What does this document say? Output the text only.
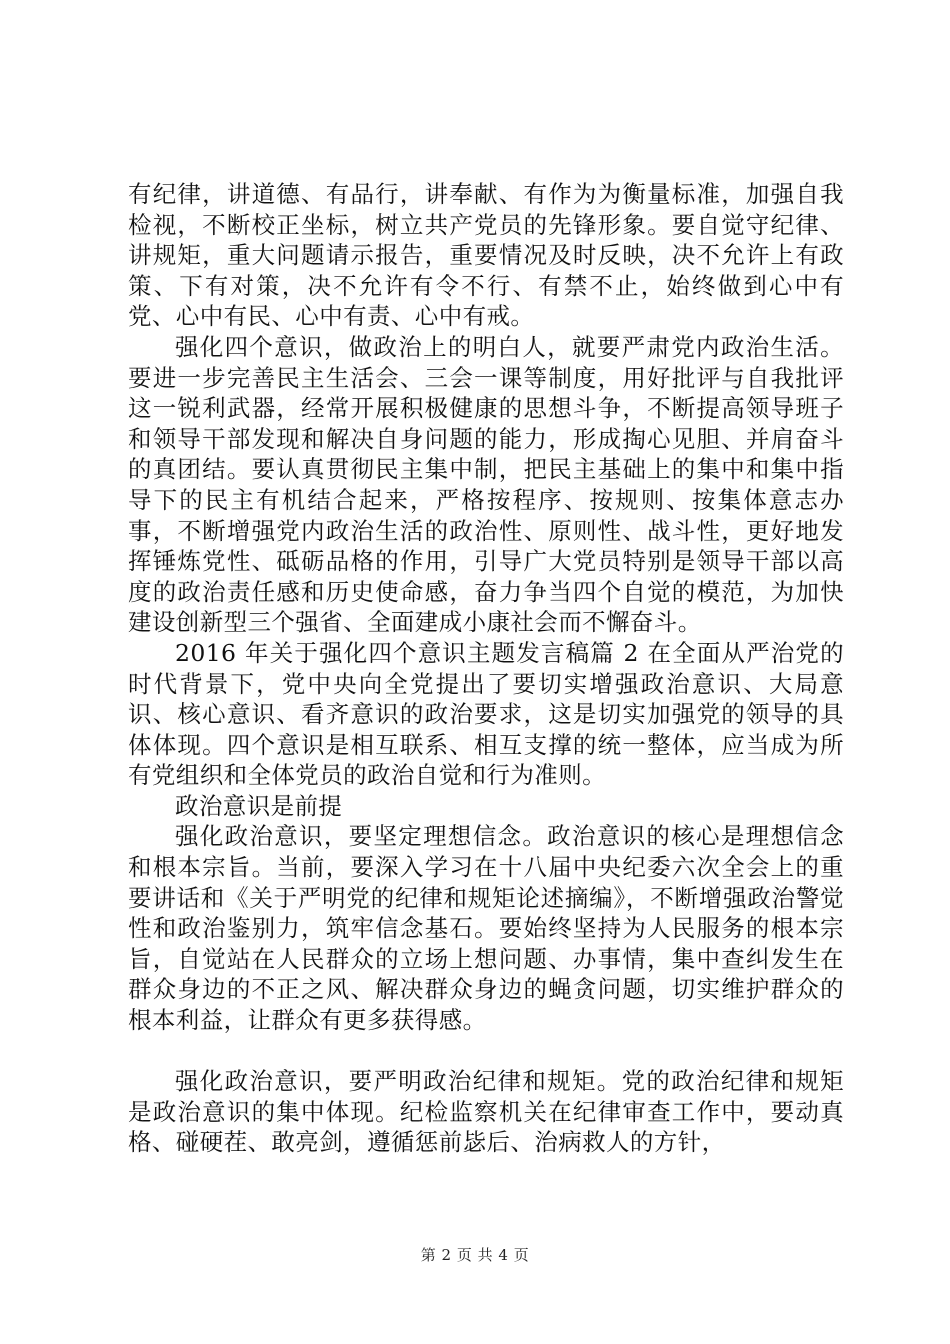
有纪律，讲道德、有品行，讲奉献、有作为为衡量标准，加强自我检视，不断校正坐标，树立共产党员的先锋形象。要自觉守纪律、讲规矩，重大问题请示报告，重要情况及时反映，决不允许上有政策、下有对策，决不允许有令不行、有禁不止，始终做到心中有党、心中有民、心中有责、心中有戒。

强化四个意识，做政治上的明白人，就要严肃党内政治生活。要进一步完善民主生活会、三会一课等制度，用好批评与自我批评这一锐利武器，经常开展积极健康的思想斗争，不断提高领导班子和领导干部发现和解决自身问题的能力，形成掏心见胆、并肩奋斗的真团结。要认真贯彻民主集中制，把民主基础上的集中和集中指导下的民主有机结合起来，严格按程序、按规则、按集体意志办事，不断增强党内政治生活的政治性、原则性、战斗性，更好地发挥锤炼党性、砥砺品格的作用，引导广大党员特别是领导干部以高度的政治责任感和历史使命感，奋力争当四个自觉的模范，为加快建设创新型三个强省、全面建成小康社会而不懈奋斗。

2016 年关于强化四个意识主题发言稿篇 2 在全面从严治党的时代背景下，党中央向全党提出了要切实增强政治意识、大局意识、核心意识、看齐意识的政治要求，这是切实加强党的领导的具体体现。四个意识是相互联系、相互支撑的统一整体，应当成为所有党组织和全体党员的政治自觉和行为准则。

政治意识是前提

强化政治意识，要坚定理想信念。政治意识的核心是理想信念和根本宗旨。当前，要深入学习在十八届中央纪委六次全会上的重要讲话和《关于严明党的纪律和规矩论述摘编》，不断增强政治警觉性和政治鉴别力，筑牢信念基石。要始终坚持为人民服务的根本宗旨，自觉站在人民群众的立场上想问题、办事情，集中查纠发生在群众身边的不正之风、解决群众身边的蝇贪问题，切实维护群众的根本利益，让群众有更多获得感。

强化政治意识，要严明政治纪律和规矩。党的政治纪律和规矩是政治意识的集中体现。纪检监察机关在纪律审查工作中，要动真格、碰硬茬、敢亮剑，遵循惩前毖后、治病救人的方针，

第 2 页 共 4 页
